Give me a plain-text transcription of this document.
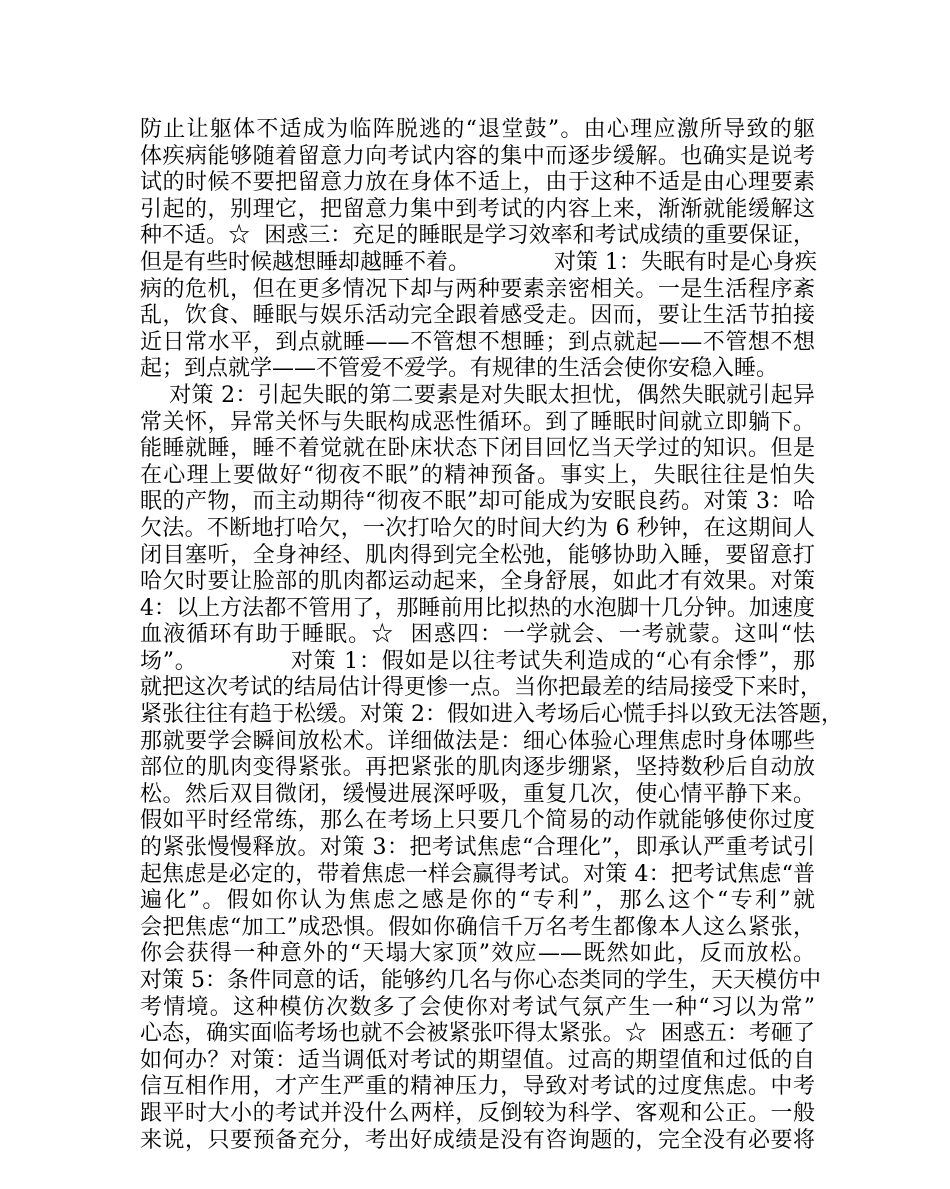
防止让躯体不适成为临阵脱逃的“退堂鼓”。由心理应激所导致的躯
体疾病能够随着留意力向考试内容的集中而逐步缓解。也确实是说考
试的时候不要把留意力放在身体不适上，由于这种不适是由心理要素
引起的，别理它，把留意力集中到考试的内容上来，渐渐就能缓解这
种不适。☆  困惑三：充足的睡眠是学习效率和考试成绩的重要保证，
但是有些时候越想睡却越睡不着。            对策 1：失眠有时是心身疾
病的危机，但在更多情况下却与两种要素亲密相关。一是生活程序紊
乱，饮食、睡眠与娱乐活动完全跟着感受走。因而，要让生活节拍接
近日常水平，到点就睡——不管想不想睡；到点就起——不管想不想
起；到点就学——不管爱不爱学。有规律的生活会使你安稳入睡。
对策 2：引起失眠的第二要素是对失眠太担忧，偶然失眠就引起异
常关怀，异常关怀与失眠构成恶性循环。到了睡眠时间就立即躺下。
能睡就睡，睡不着觉就在卧床状态下闭目回忆当天学过的知识。但是
在心理上要做好“彻夜不眠”的精神预备。事实上，失眠往往是怕失
眠的产物，而主动期待“彻夜不眠”却可能成为安眠良药。对策 3：哈
欠法。不断地打哈欠，一次打哈欠的时间大约为 6 秒钟，在这期间人
闭目塞听，全身神经、肌肉得到完全松弛，能够协助入睡，要留意打
哈欠时要让脸部的肌肉都运动起来，全身舒展，如此才有效果。对策
4：以上方法都不管用了，那睡前用比拟热的水泡脚十几分钟。加速度
血液循环有助于睡眠。☆  困惑四：一学就会、一考就蒙。这叫“怯
场”。            对策 1：假如是以往考试失利造成的“心有余悸”，那
就把这次考试的结局估计得更惨一点。当你把最差的结局接受下来时，
紧张往往有趋于松缓。对策 2：假如进入考场后心慌手抖以致无法答题，
那就要学会瞬间放松术。详细做法是：细心体验心理焦虑时身体哪些
部位的肌肉变得紧张。再把紧张的肌肉逐步绷紧，坚持数秒后自动放
松。然后双目微闭，缓慢进展深呼吸，重复几次，使心情平静下来。
假如平时经常练，那么在考场上只要几个简易的动作就能够使你过度
的紧张慢慢释放。对策 3：把考试焦虑“合理化”，即承认严重考试引
起焦虑是必定的，带着焦虑一样会赢得考试。对策 4：把考试焦虑“普
遍化”。假如你认为焦虑之感是你的“专利”，那么这个“专利”就
会把焦虑“加工”成恐惧。假如你确信千万名考生都像本人这么紧张，
你会获得一种意外的“天塌大家顶”效应——既然如此，反而放松。
对策 5：条件同意的话，能够约几名与你心态类同的学生，天天模仿中
考情境。这种模仿次数多了会使你对考试气氛产生一种“习以为常”
心态，确实面临考场也就不会被紧张吓得太紧张。☆  困惑五：考砸了
如何办？对策：适当调低对考试的期望值。过高的期望值和过低的自
信互相作用，才产生严重的精神压力，导致对考试的过度焦虑。中考
跟平时大小的考试并没什么两样，反倒较为科学、客观和公正。一般
来说，只要预备充分，考出好成绩是没有咨询题的，完全没有必要将
